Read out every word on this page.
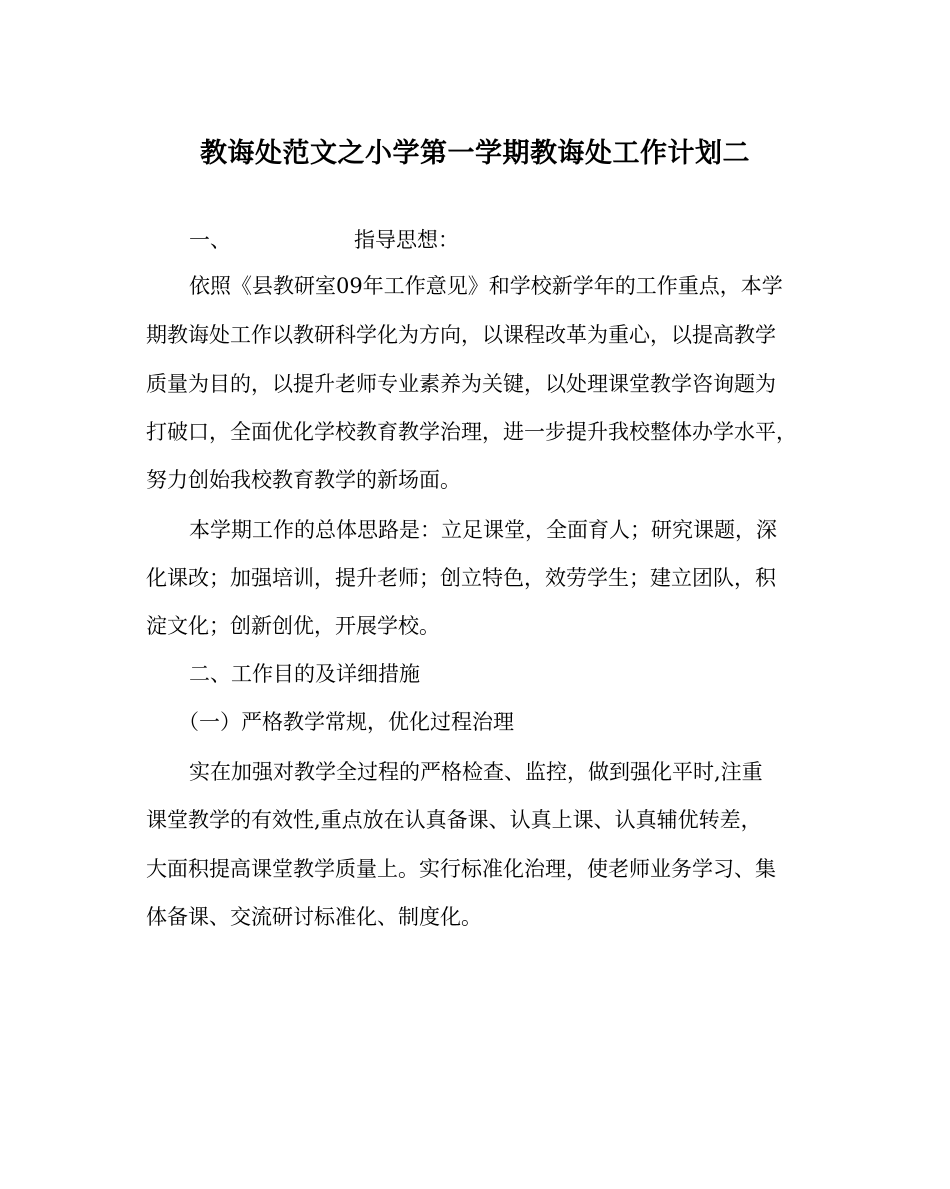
教诲处范文之小学第一学期教诲处工作计划二
一、	指导思想：
依照《县教研室09年工作意见》和学校新学年的工作重点，本学
期教诲处工作以教研科学化为方向，以课程改革为重心，以提高教学
质量为目的，以提升老师专业素养为关键，以处理课堂教学咨询题为
打破口，全面优化学校教育教学治理，进一步提升我校整体办学水平，
努力创始我校教育教学的新场面。
本学期工作的总体思路是：立足课堂，全面育人；研究课题，深
化课改；加强培训，提升老师；创立特色，效劳学生；建立团队，积
淀文化；创新创优，开展学校。
二、工作目的及详细措施
（一）严格教学常规，优化过程治理
实在加强对教学全过程的严格检查、监控，做到强化平时,注重
课堂教学的有效性,重点放在认真备课、认真上课、认真辅优转差，
大面积提高课堂教学质量上。实行标准化治理，使老师业务学习、集
体备课、交流研讨标准化、制度化。
